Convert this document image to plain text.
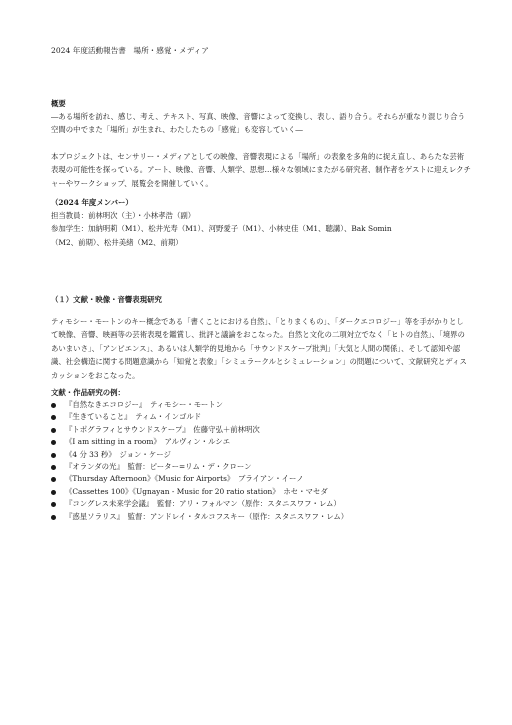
2024 年度活動報告書　場所・感覚・メディア
概要

―ある場所を訪れ、感じ、考え、テキスト、写真、映像、音響によって変換し、表し、語り合う。それらが重なり混じり合う空間の中でまた「場所」が生まれ、わたしたちの「感覚」も変容していく―

本プロジェクトは、センサリー・メディアとしての映像、音響表現による「場所」の表象を多角的に捉え直し、あらたな芸術表現の可能性を探っている。アート、映像、音響、人類学、思想…様々な領域にまたがる研究者、制作者をゲストに迎えレクチャーやワークショップ、展覧会を開催していく。

（2024 年度メンバー）
担当教員：前林明次（主）・小林孝浩（副）
参加学生：加納明莉（M1）、松井光寿（M1）、河野愛子（M1）、小林史佳（M1、聴講）、Bak Somin
（M2、前期）、松井美緒（M2、前期）
（１）文献・映像・音響表現研究

ティモシー・モートンのキー概念である「書くことにおける自然」、「とりまくもの」、「ダークエコロジー」等を手がかりとして映像、音響、映画等の芸術表現を鑑賞し、批評と議論をおこなった。自然と文化の二項対立でなく「ヒトの自然」、「境界のあいまいさ」、「アンビエンス」、あるいは人類学的見地から「サウンドスケープ批判」「大気と人間の関係」、そして認知や認識、社会構造に関する問題意識から「知覚と表象」「シミュラークルとシミュレーション」の問題について、文献研究とディスカッションをおこなった。

文献・作品研究の例：
『自然なきエコロジー』　ティモシー・モートン
『生きていること』　ティム・インゴルド
『トポグラフィとサウンドスケープ』　佐藤守弘＋前林明次
《I am sitting in a room》　アルヴィン・ルシエ
《4 分 33 秒》　ジョン・ケージ
『オランダの光』　監督：ピーター=リム・デ・クローン
《Thursday Afternoon》《Music for Airports》　ブライアン・イーノ
《Cassettes 100》《Ugnayan - Music for 20 ratio station》　ホセ・マセダ
『コングレス未来学会議』　監督：アリ・フォルマン（原作：スタニスワフ・レム）
『惑星ソラリス』　監督：アンドレイ・タルコフスキー（原作：スタニスワフ・レム）
